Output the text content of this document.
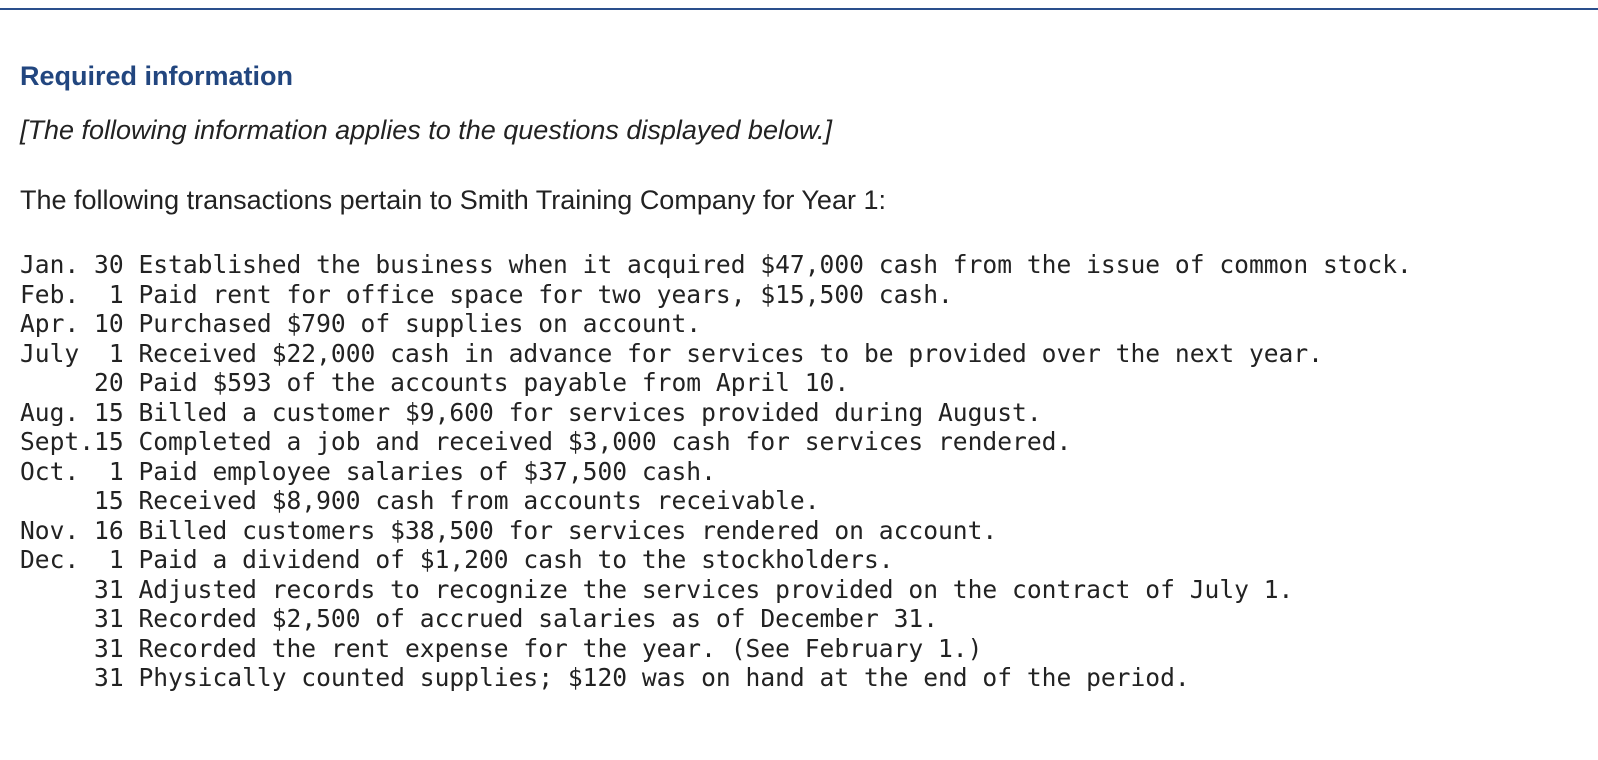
Required information

[The following information applies to the questions displayed below.]

The following transactions pertain to Smith Training Company for Year 1:

Jan. 30 Established the business when it acquired $47,000 cash from the issue of common stock.
Feb. 1 Paid rent for office space for two years, $15,500 cash.
Apr. 10 Purchased $790 of supplies on account.
July 1 Received $22,000 cash in advance for services to be provided over the next year.
20 Paid $593 of the accounts payable from April 10.
Aug. 15 Billed a customer $9,600 for services provided during August.
Sept.15 Completed a job and received $3,000 cash for services rendered.
Oct. 1 Paid employee salaries of $37,500 cash.
15 Received $8,900 cash from accounts receivable.
Nov. 16 Billed customers $38,500 for services rendered on account.
Dec. 1 Paid a dividend of $1,200 cash to the stockholders.
31 Adjusted records to recognize the services provided on the contract of July 1.
31 Recorded $2,500 of accrued salaries as of December 31.
31 Recorded the rent expense for the year. (See February 1.)
31 Physically counted supplies; $120 was on hand at the end of the period.
